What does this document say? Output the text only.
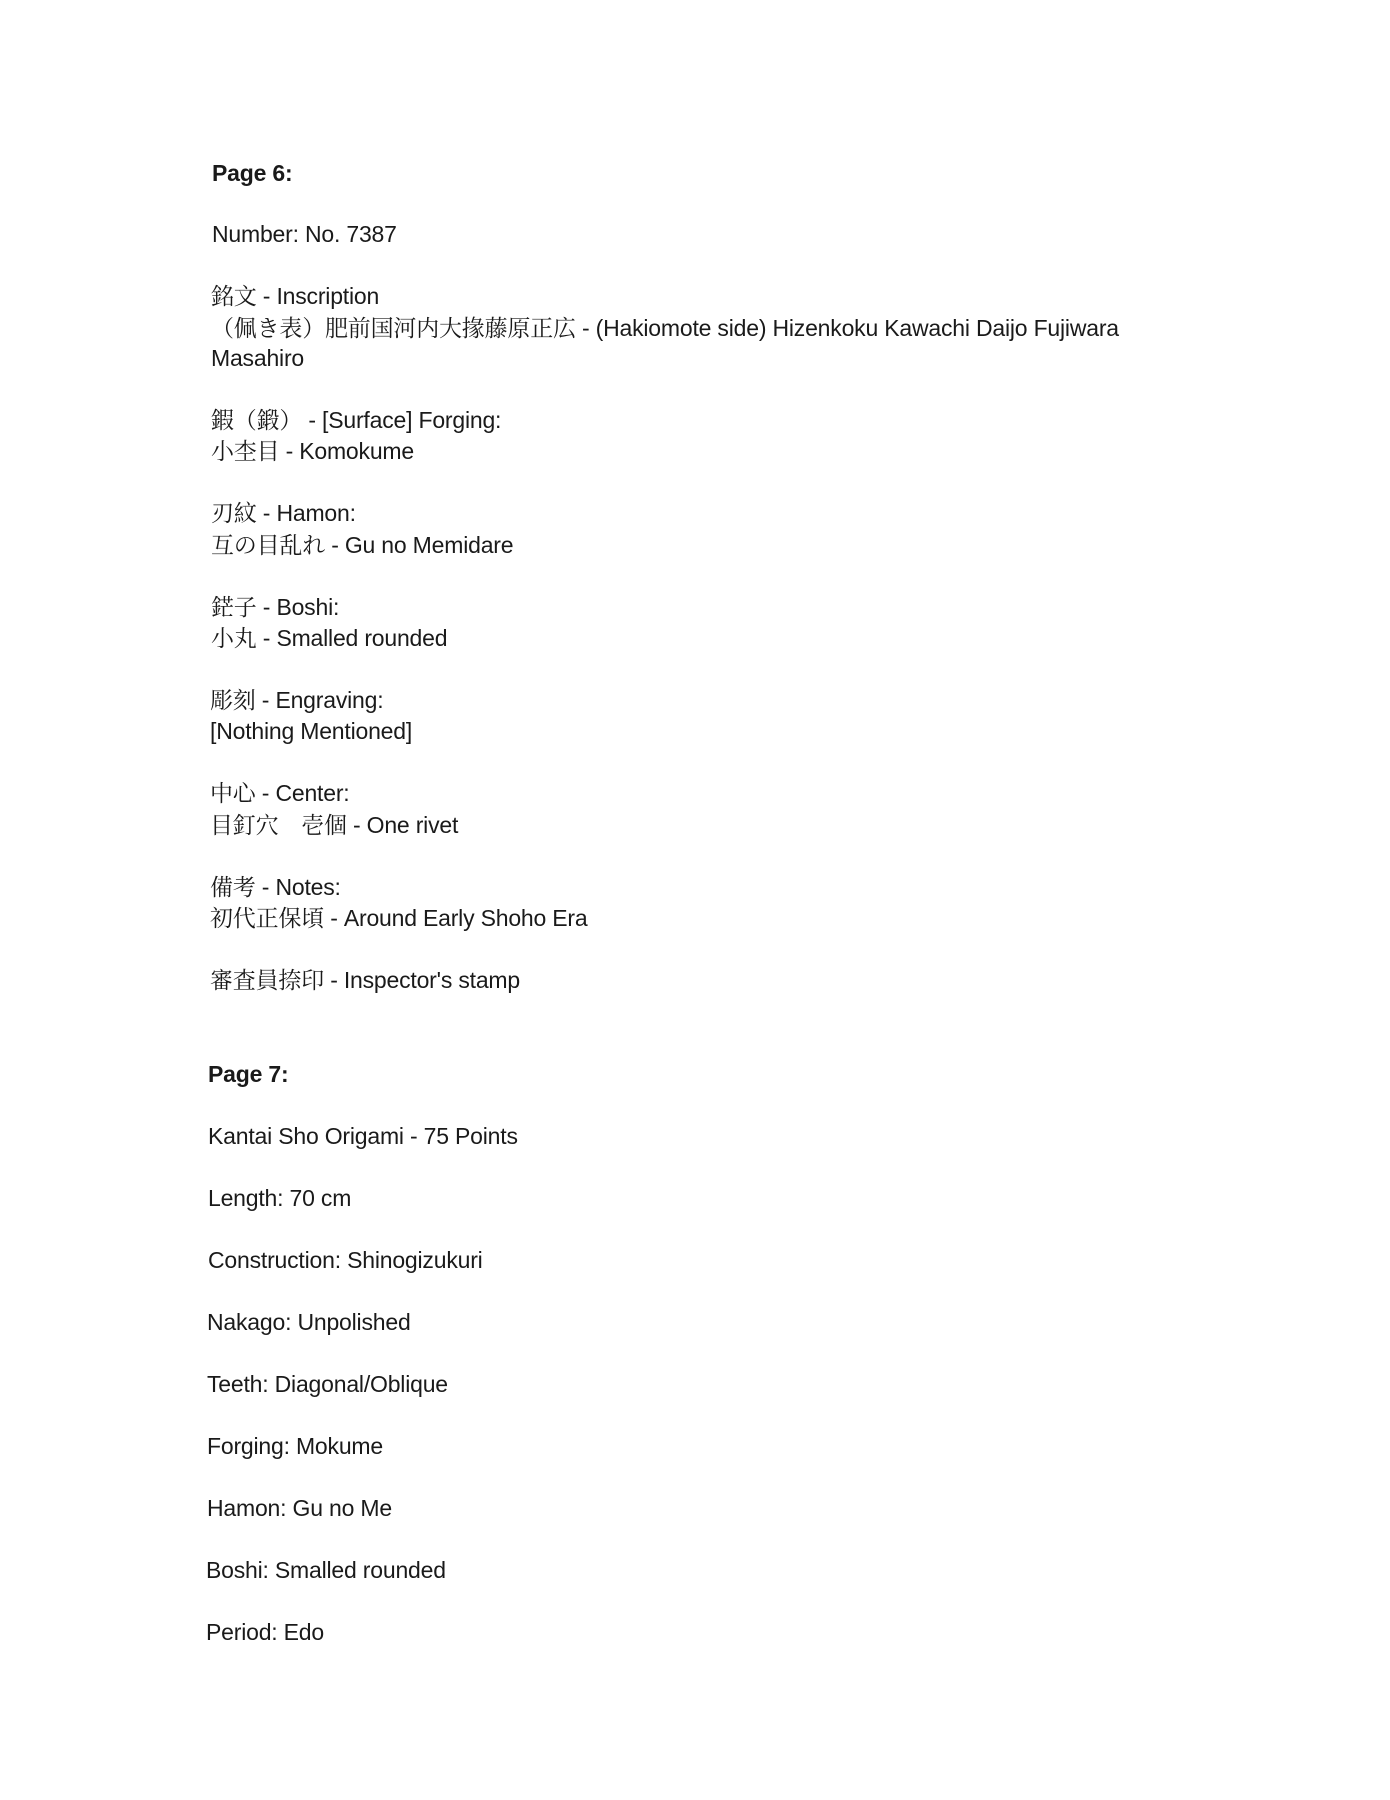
Page 6:
Number: No. 7387
銘文 - Inscription
（佩き表）肥前国河内大掾藤原正広 - (Hakiomote side) Hizenkoku Kawachi Daijo Fujiwara
Masahiro
鍜（鍛） - [Surface] Forging:
小杢目 - Komokume
刃紋 - Hamon:
互の目乱れ - Gu no Memidare
鋩子 - Boshi:
小丸 - Smalled rounded
彫刻 - Engraving:
[Nothing Mentioned]
中心 - Center:
目釘穴　壱個 - One rivet
備考 - Notes:
初代正保頃 - Around Early Shoho Era
審査員捺印 - Inspector's stamp
Page 7:
Kantai Sho Origami - 75 Points
Length: 70 cm
Construction: Shinogizukuri
Nakago: Unpolished
Teeth: Diagonal/Oblique
Forging: Mokume
Hamon: Gu no Me
Boshi: Smalled rounded
Period: Edo
